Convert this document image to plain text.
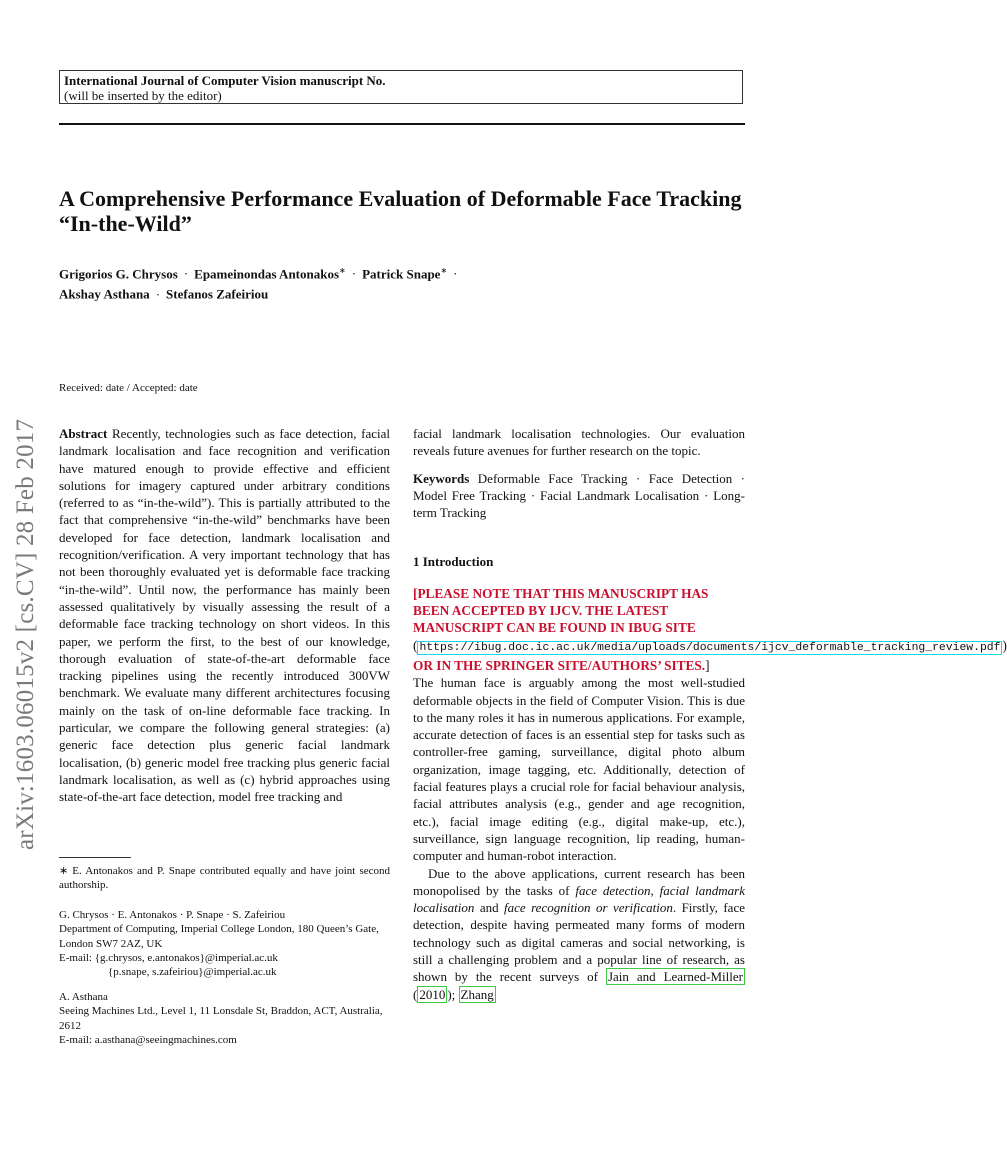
arXiv:1603.06015v2 [cs.CV] 28 Feb 2017
International Journal of Computer Vision manuscript No.
(will be inserted by the editor)
A Comprehensive Performance Evaluation of Deformable Face Tracking “In-the-Wild”
Grigorios G. Chrysos · Epameinondas Antonakos∗ · Patrick Snape∗ ·
Akshay Asthana · Stefanos Zafeiriou
Received: date / Accepted: date

Abstract Recently, technologies such as face detection, facial landmark localisation and face recognition and verification have matured enough to provide effective and efficient solutions for imagery captured under arbitrary conditions (referred to as “in-the-wild”). This is partially attributed to the fact that comprehensive “in-the-wild” benchmarks have been developed for face detection, landmark localisation and recognition/verification. A very important technology that has not been thoroughly evaluated yet is deformable face tracking “in-the-wild”. Until now, the performance has mainly been assessed qualitatively by visually assessing the result of a deformable face tracking technology on short videos. In this paper, we perform the first, to the best of our knowledge, thorough evaluation of state-of-the-art deformable face tracking pipelines using the recently introduced 300VW benchmark. We evaluate many different architectures focusing mainly on the task of on-line deformable face tracking. In particular, we compare the following general strategies: (a) generic face detection plus generic facial landmark localisation, (b) generic model free tracking plus generic facial landmark localisation, as well as (c) hybrid approaches using state-of-the-art face detection, model free tracking and

∗ E. Antonakos and P. Snape contributed equally and have joint second authorship.
G. Chrysos · E. Antonakos · P. Snape · S. Zafeiriou
Department of Computing, Imperial College London, 180 Queen’s Gate, London SW7 2AZ, UK
E-mail: {g.chrysos, e.antonakos}@imperial.ac.uk
{p.snape, s.zafeiriou}@imperial.ac.uk
A. Asthana
Seeing Machines Ltd., Level 1, 11 Lonsdale St, Braddon, ACT, Australia, 2612
E-mail: a.asthana@seeingmachines.com

facial landmark localisation technologies. Our evaluation reveals future avenues for further research on the topic.

Keywords Deformable Face Tracking · Face Detection · Model Free Tracking · Facial Landmark Localisation · Long-term Tracking

1 Introduction

[PLEASE NOTE THAT THIS MANUSCRIPT HAS BEEN ACCEPTED BY IJCV. THE LATEST MANUSCRIPT CAN BE FOUND IN IBUG SITE ( https://ibug.doc.ic.ac.uk/media/uploads/documents/ijcv_deformable_tracking_review.pdf ) OR IN THE SPRINGER SITE/AUTHORS’ SITES.]

The human face is arguably among the most well-studied deformable objects in the field of Computer Vision. This is due to the many roles it has in numerous applications. For example, accurate detection of faces is an essential step for tasks such as controller-free gaming, surveillance, digital photo album organization, image tagging, etc. Additionally, detection of facial features plays a crucial role for facial behaviour analysis, facial attributes analysis (e.g., gender and age recognition, etc.), facial image editing (e.g., digital make-up, etc.), surveillance, sign language recognition, lip reading, human-computer and human-robot interaction.

Due to the above applications, current research has been monopolised by the tasks of face detection, facial landmark localisation and face recognition or verification. Firstly, face detection, despite having permeated many forms of modern technology such as digital cameras and social networking, is still a challenging problem and a popular line of research, as shown by the recent surveys of Jain and Learned-Miller ( 2010 ); Zhang
